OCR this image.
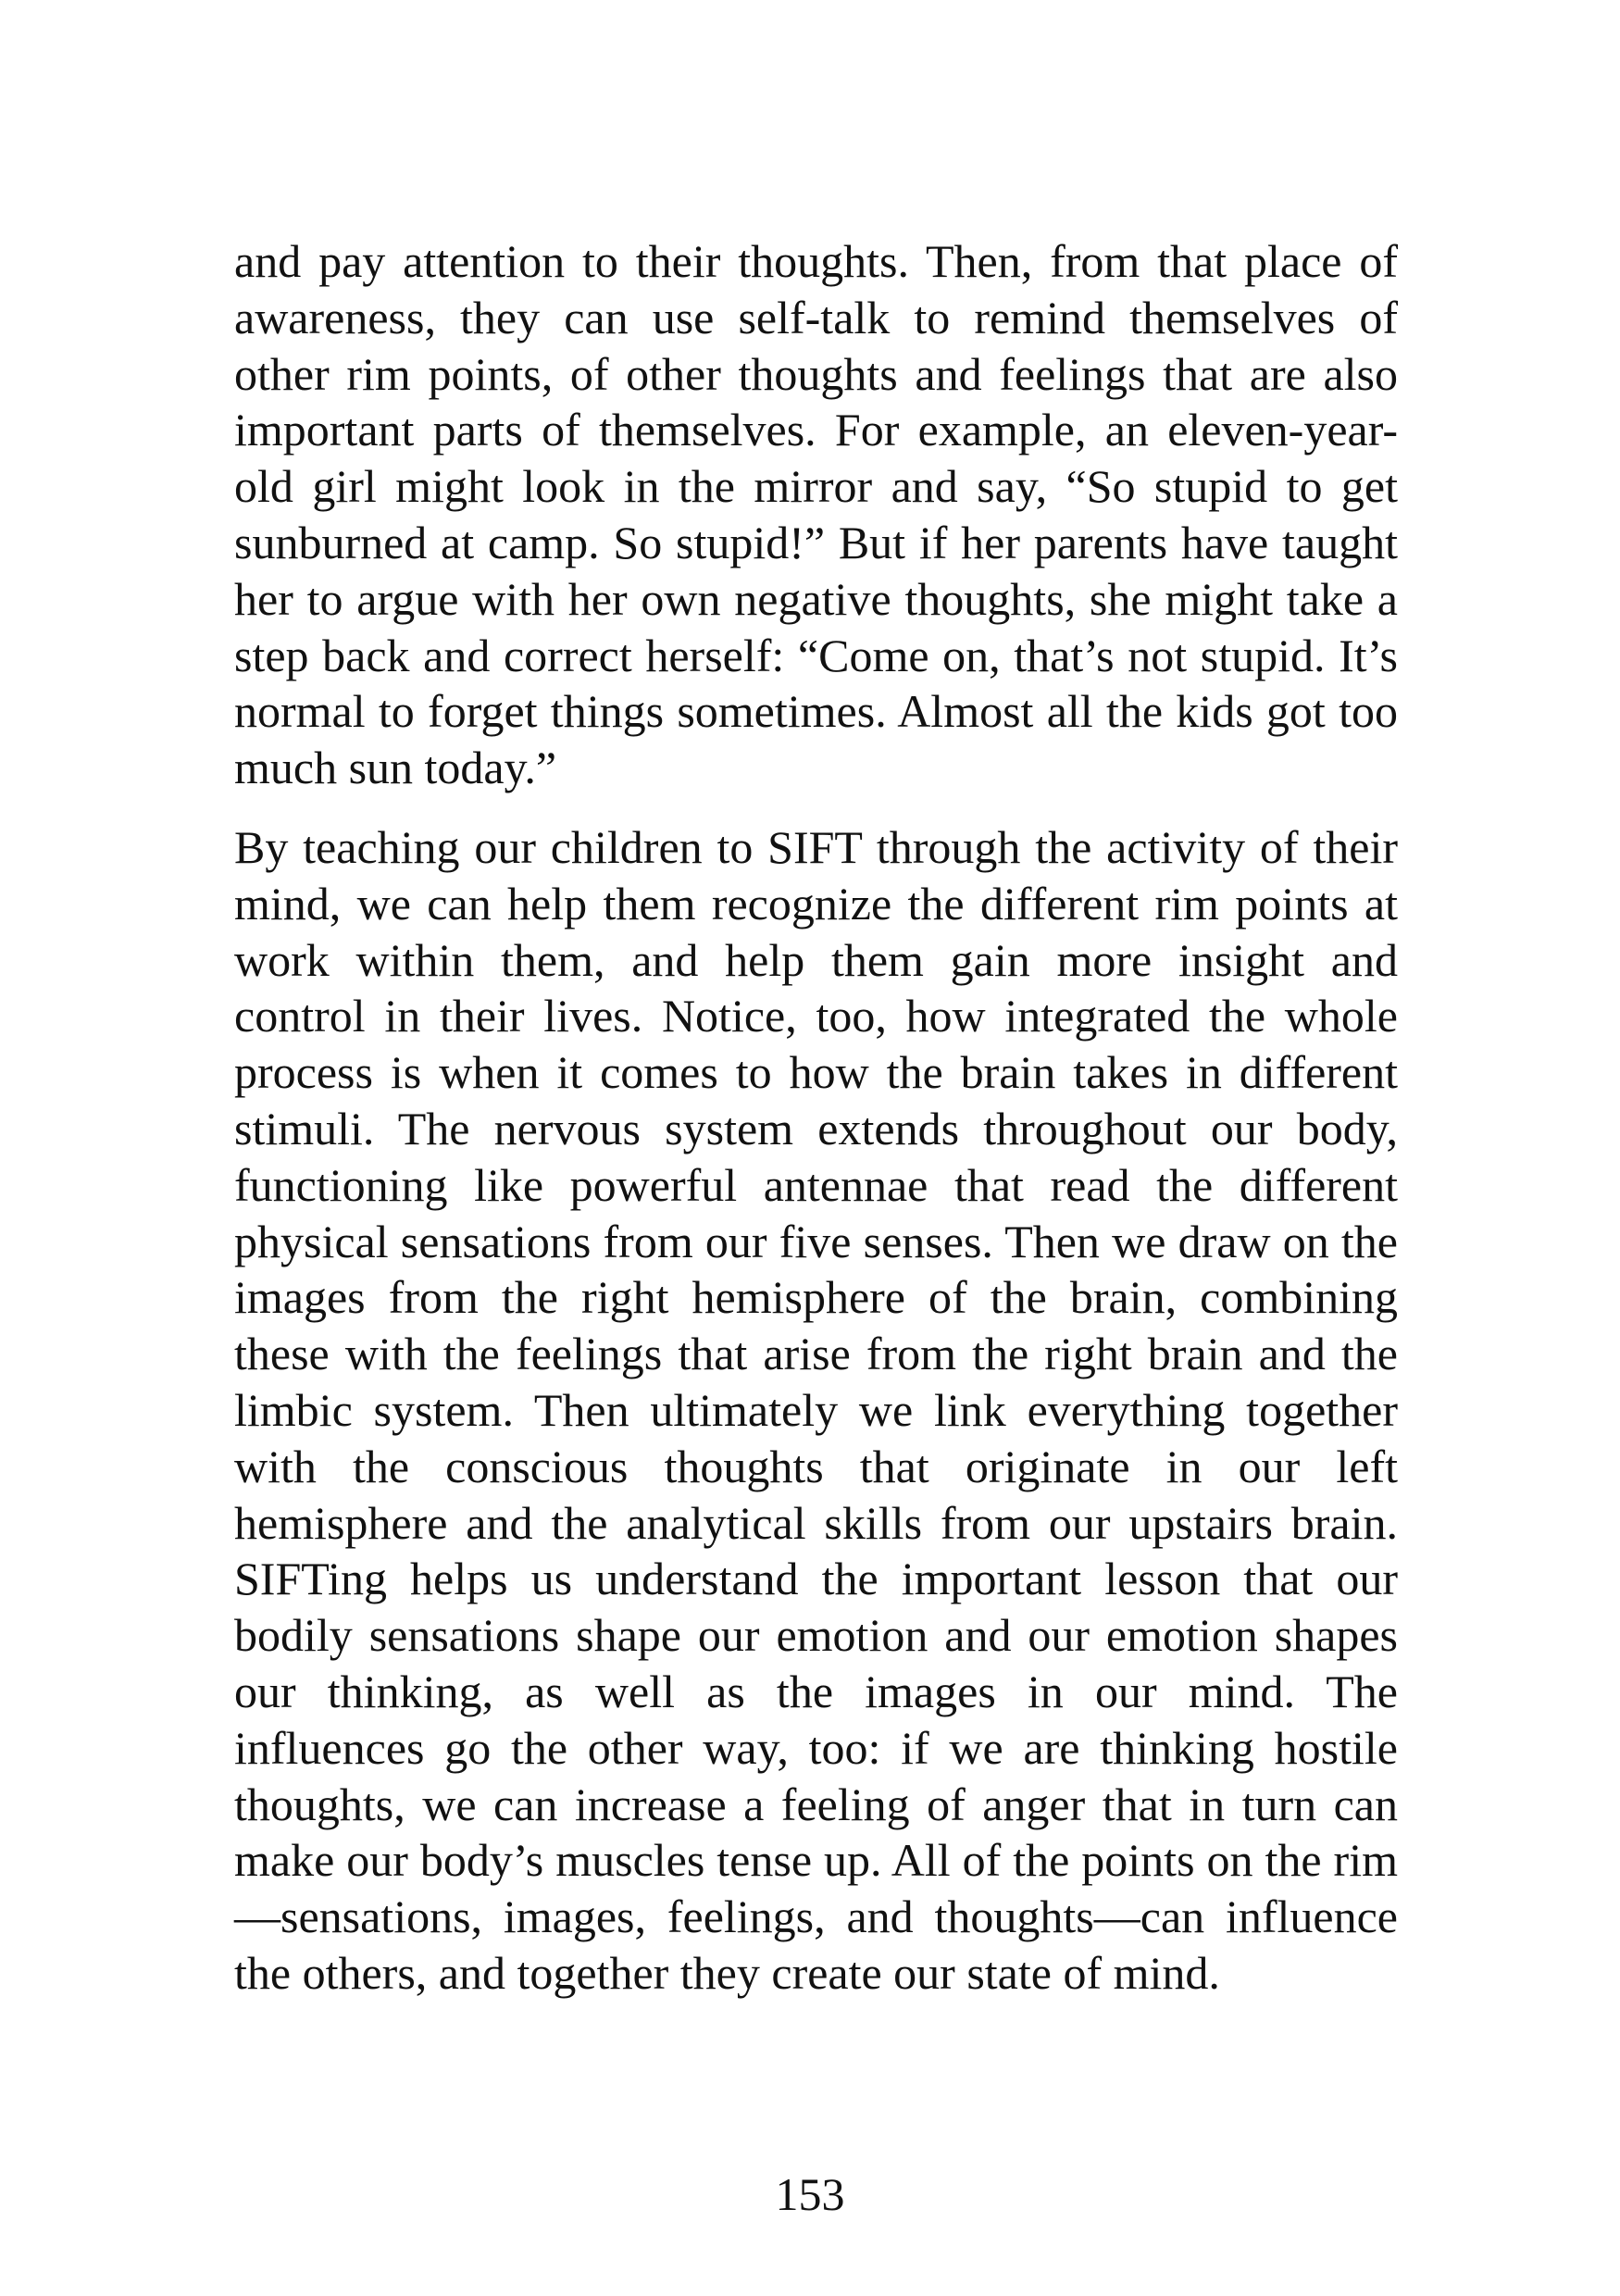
and pay attention to their thoughts. Then, from that place of awareness, they can use self-talk to remind themselves of other rim points, of other thoughts and feelings that are also important parts of themselves. For example, an eleven-year-old girl might look in the mirror and say, “So stupid to get sunburned at camp. So stupid!” But if her parents have taught her to argue with her own negative thoughts, she might take a step back and correct herself: “Come on, that’s not stupid. It’s normal to forget things sometimes. Almost all the kids got too much sun today.”

By teaching our children to SIFT through the activity of their mind, we can help them recognize the different rim points at work within them, and help them gain more insight and control in their lives. Notice, too, how integrated the whole process is when it comes to how the brain takes in different stimuli. The nervous system extends throughout our body, functioning like powerful antennae that read the different physical sensations from our five senses. Then we draw on the images from the right hemisphere of the brain, combining these with the feelings that arise from the right brain and the limbic system. Then ultimately we link everything together with the conscious thoughts that originate in our left hemisphere and the analytical skills from our upstairs brain. SIFTing helps us understand the important lesson that our bodily sensations shape our emotion and our emotion shapes our thinking, as well as the images in our mind. The influences go the other way, too: if we are thinking hostile thoughts, we can increase a feeling of anger that in turn can make our body’s muscles tense up. All of the points on the rim—sensations, images, feelings, and thoughts—can influence the others, and together they create our state of mind.

153
